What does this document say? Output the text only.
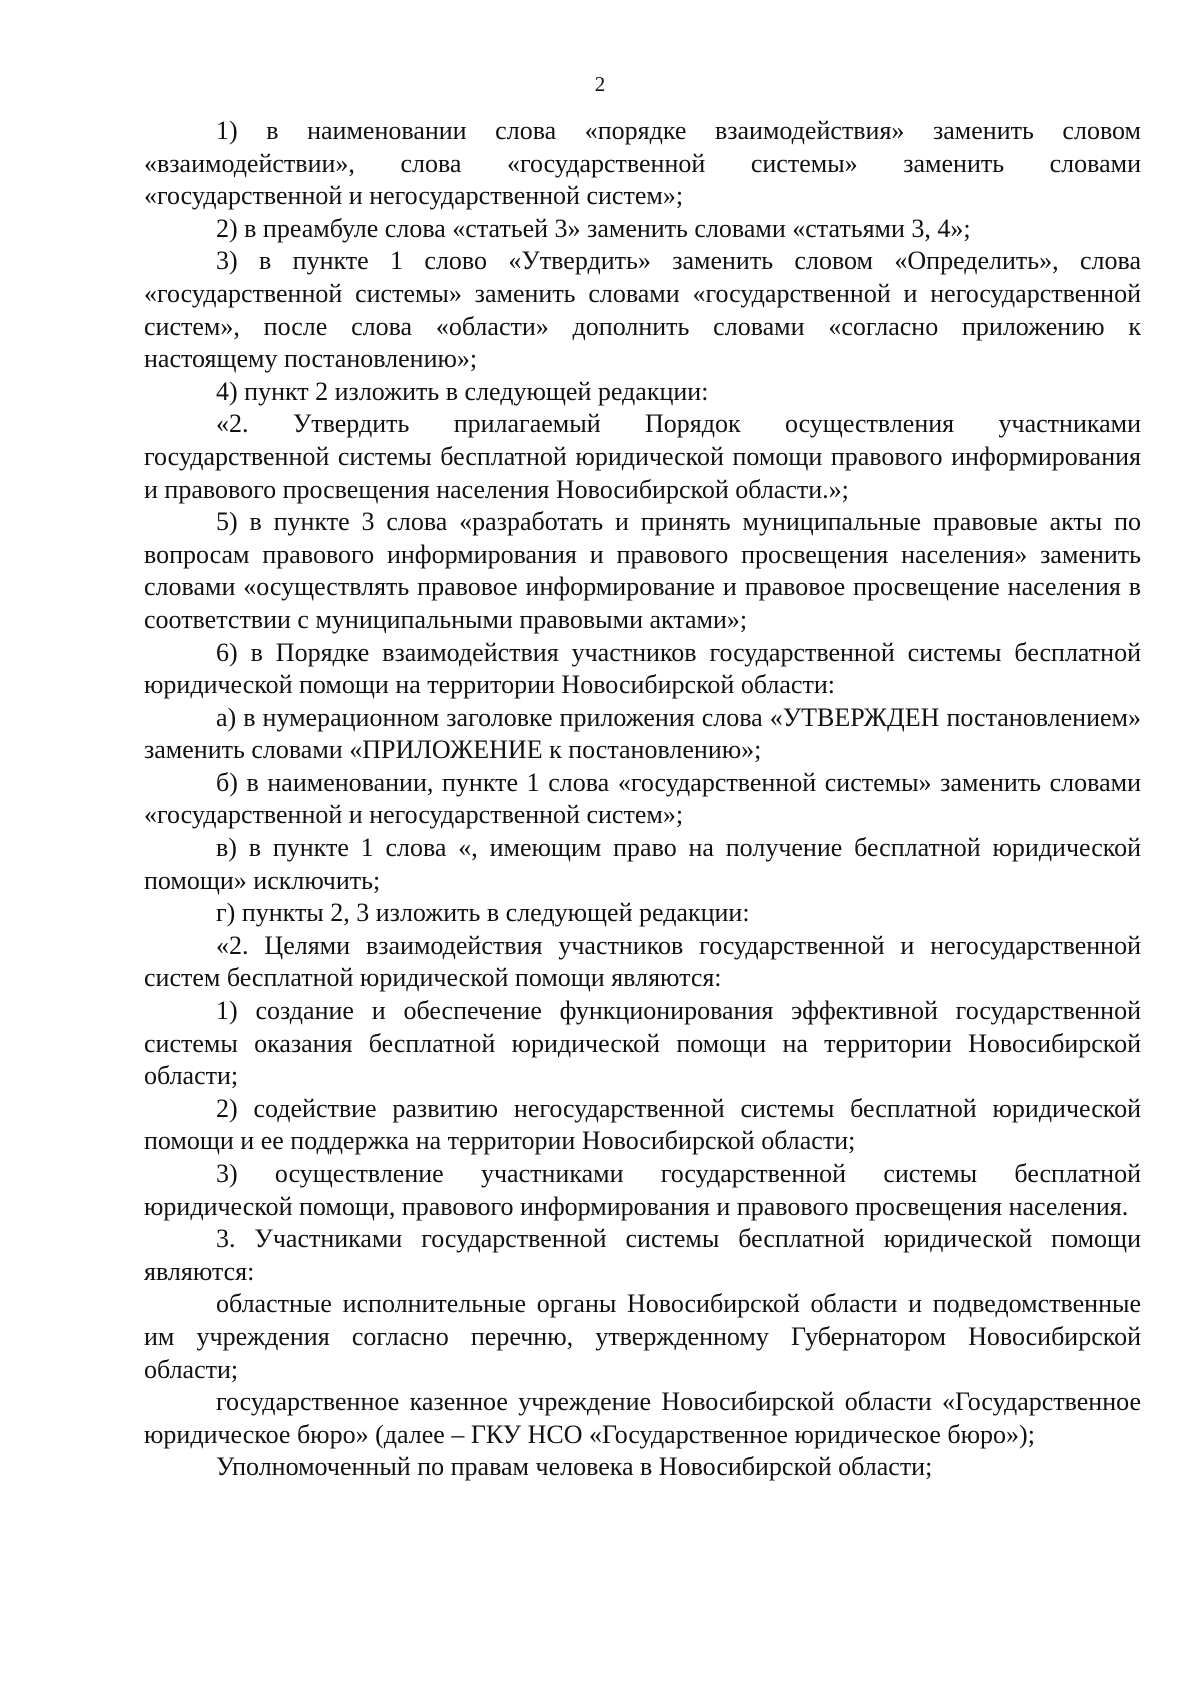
2

1) в наименовании слова «порядке взаимодействия» заменить словом «взаимодействии», слова «государственной системы» заменить словами «государственной и негосударственной систем»;

2) в преамбуле слова «статьей 3» заменить словами «статьями 3, 4»;

3) в пункте 1 слово «Утвердить» заменить словом «Определить», слова «государственной системы» заменить словами «государственной и негосударственной систем», после слова «области» дополнить словами «согласно приложению к настоящему постановлению»;

4) пункт 2 изложить в следующей редакции:

«2. Утвердить прилагаемый Порядок осуществления участниками государственной системы бесплатной юридической помощи правового информирования и правового просвещения населения Новосибирской области.»;

5) в пункте 3 слова «разработать и принять муниципальные правовые акты по вопросам правового информирования и правового просвещения населения» заменить словами «осуществлять правовое информирование и правовое просвещение населения в соответствии с муниципальными правовыми актами»;

6) в Порядке взаимодействия участников государственной системы бесплатной юридической помощи на территории Новосибирской области:

а) в нумерационном заголовке приложения слова «УТВЕРЖДЕН постановлением» заменить словами «ПРИЛОЖЕНИЕ к постановлению»;

б) в наименовании, пункте 1 слова «государственной системы» заменить словами «государственной и негосударственной систем»;

в) в пункте 1 слова «, имеющим право на получение бесплатной юридической помощи» исключить;

г) пункты 2, 3 изложить в следующей редакции:

«2. Целями взаимодействия участников государственной и негосударственной систем бесплатной юридической помощи являются:

1) создание и обеспечение функционирования эффективной государственной системы оказания бесплатной юридической помощи на территории Новосибирской области;

2) содействие развитию негосударственной системы бесплатной юридической помощи и ее поддержка на территории Новосибирской области;

3) осуществление участниками государственной системы бесплатной юридической помощи, правового информирования и правового просвещения населения.

3. Участниками государственной системы бесплатной юридической помощи являются:

областные исполнительные органы Новосибирской области и подведомственные им учреждения согласно перечню, утвержденному Губернатором Новосибирской области;

государственное казенное учреждение Новосибирской области «Государственное юридическое бюро» (далее – ГКУ НСО «Государственное юридическое бюро»);

Уполномоченный по правам человека в Новосибирской области;
